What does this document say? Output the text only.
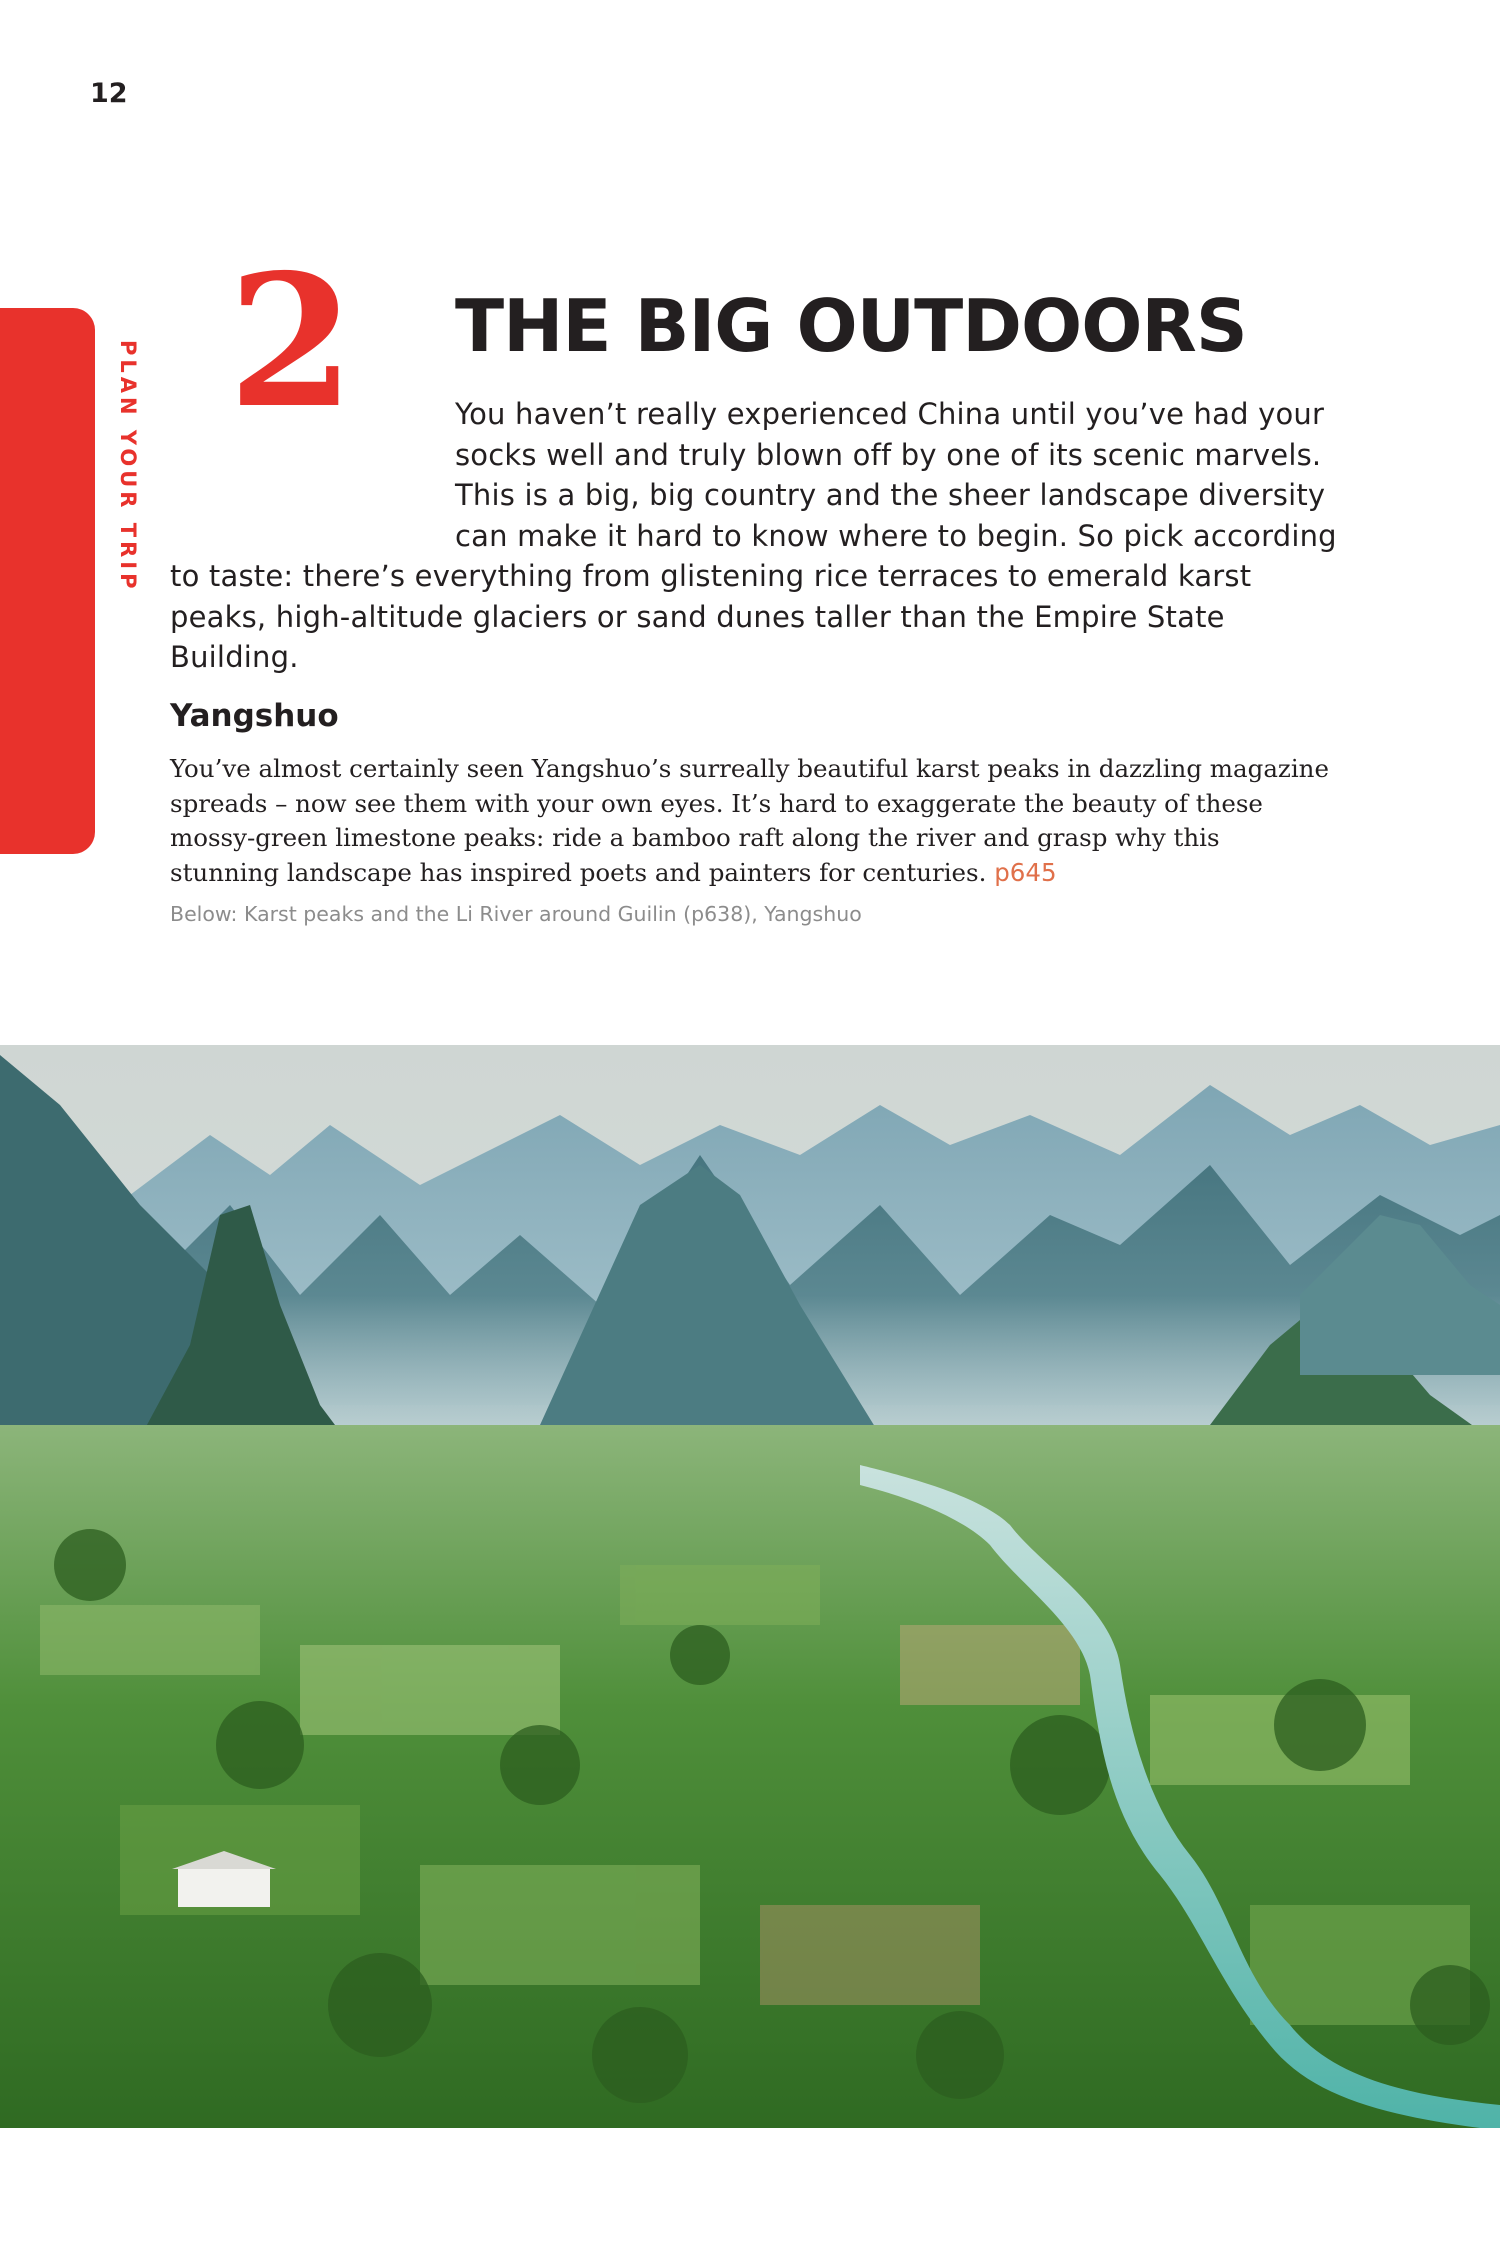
12
PLAN YOUR TRIP 2 THE BIG OUTDOORS

You haven’t really experienced China until you’ve had your socks well and truly blown off by one of its scenic marvels. This is a big, big country and the sheer landscape diversity can make it hard to know where to begin. So pick according to taste: there’s everything from glistening rice terraces to emerald karst peaks, high-altitude glaciers or sand dunes taller than the Empire State Building.

Yangshuo

You’ve almost certainly seen Yangshuo’s surreally beautiful karst peaks in dazzling magazine spreads – now see them with your own eyes. It’s hard to exaggerate the beauty of these mossy-green limestone peaks: ride a bamboo raft along the river and grasp why this stunning landscape has inspired poets and painters for centuries. p645

Below: Karst peaks and the Li River around Guilin (p638), Yangshuo
